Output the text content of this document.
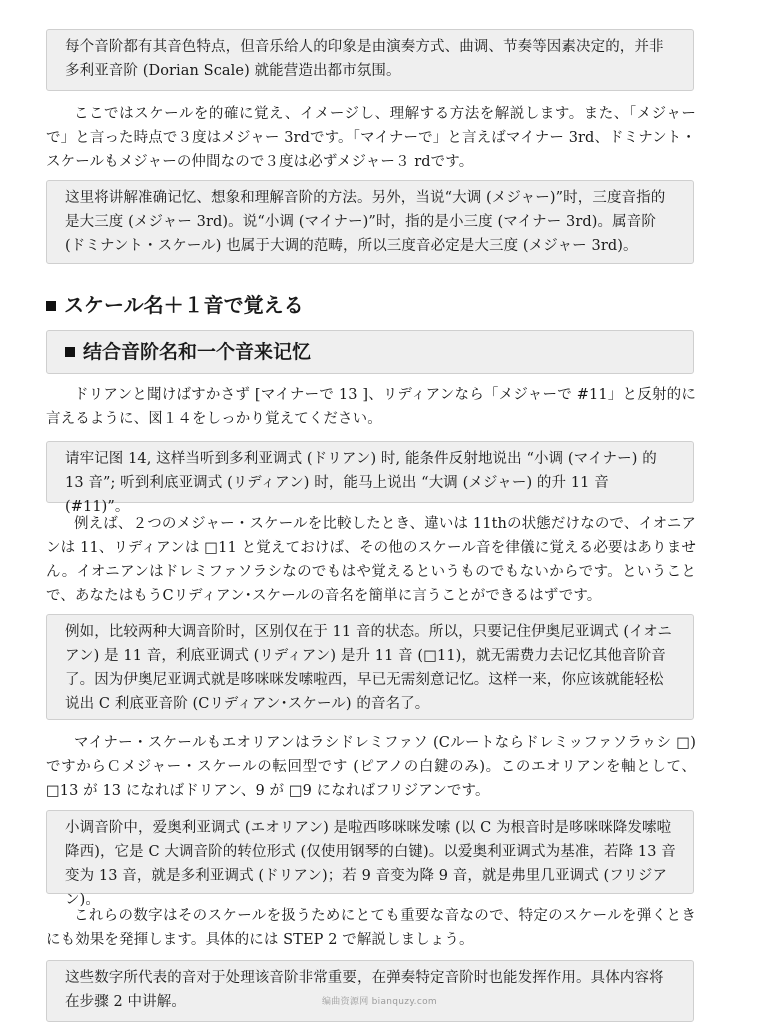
每个音阶都有其音色特点，但音乐给人的印象是由演奏方式、曲调、节奏等因素决定的，并非多利亚音阶 (Dorian Scale) 就能营造出都市氛围。

ここではスケールを的確に覚え、イメージし、理解する方法を解説します。また、「メジャーで」と言った時点で３度はメジャー 3rdです。「マイナーで」と言えばマイナー 3rd、ドミナント・スケールもメジャーの仲間なので３度は必ずメジャー３ rdです。

这里将讲解准确记忆、想象和理解音阶的方法。另外，当说“大调 (メジャー)”时，三度音指的是大三度 (メジャー 3rd)。说“小调 (マイナー)”时，指的是小三度 (マイナー 3rd)。属音阶 (ドミナント・スケール) 也属于大调的范畴，所以三度音必定是大三度 (メジャー 3rd)。
スケール名＋１音で覚える
结合音阶名和一个音来记忆

ドリアンと聞けばすかさず [マイナーで 13 ]、リディアンなら「メジャーで #11」と反射的に言えるように、図１４をしっかり覚えてください。

请牢记图 14, 这样当听到多利亚调式 (ドリアン) 时, 能条件反射地说出 “小调 (マイナー) 的 13 音”; 听到利底亚调式 (リディアン) 时，能马上说出 “大调 (メジャー) 的升 11 音 (#11)”。

例えば、２つのメジャー・スケールを比較したとき、違いは 11thの状態だけなので、イオニアンは 11、リディアンは □11 と覚えておけば、その他のスケール音を律儀に覚える必要はありません。イオニアンはドレミファソラシなのでもはや覚えるというものでもないからです。ということで、あなたはもうCリディアン･スケールの音名を簡単に言うことができるはずです。

例如，比较两种大调音阶时，区别仅在于 11 音的状态。所以，只要记住伊奥尼亚调式 (イオニアン) 是 11 音，利底亚调式 (リディアン) 是升 11 音 (□11)，就无需费力去记忆其他音阶音了。因为伊奥尼亚调式就是哆咪咪发嗦啦西，早已无需刻意记忆。这样一来，你应该就能轻松说出 C 利底亚音阶 (Cリディアン･スケール) 的音名了。

マイナー・スケールもエオリアンはラシドレミファソ (Cルートならドレミッファソラゥシ □) ですからＣメジャー・スケールの転回型です (ピアノの白鍵のみ)。このエオリアンを軸として、□13 が 13 になればドリアン、9 が □9 になればフリジアンです。

小调音阶中，爱奥利亚调式 (エオリアン) 是啦西哆咪咪发嗦 (以 C 为根音时是哆咪咪降发嗦啦降西)，它是 C 大调音阶的转位形式 (仅使用钢琴的白键)。以爱奥利亚调式为基准，若降 13 音变为 13 音，就是多利亚调式 (ドリアン)；若 9 音变为降 9 音，就是弗里几亚调式 (フリジアン)。

これらの数字はそのスケールを扱うためにとても重要な音なので、特定のスケールを弾くときにも効果を発揮します。具体的には STEP 2 で解説しましょう。

这些数字所代表的音对于处理该音阶非常重要，在弹奏特定音阶时也能发挥作用。具体内容将在步骤 2 中讲解。	编曲资源网 bianquzy.com
